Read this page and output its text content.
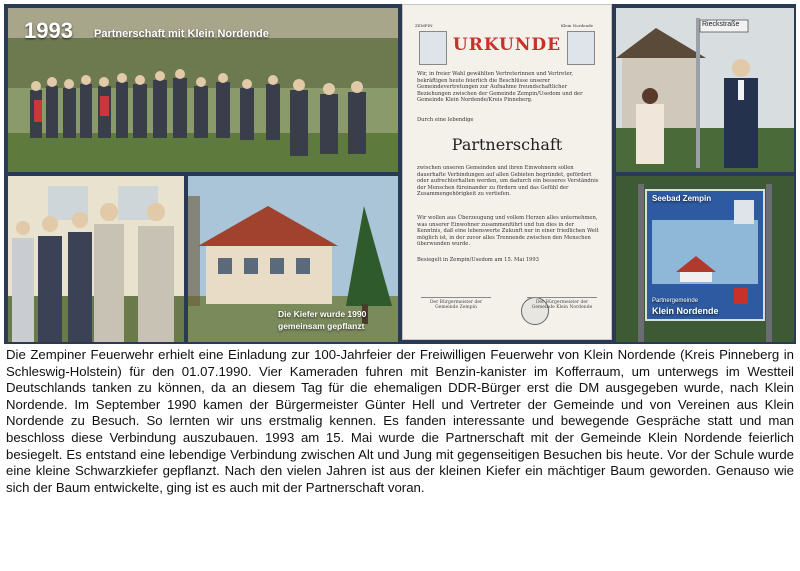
1993 Partnerschaft mit Klein Nordende
Die Kiefer wurde 1990
gemeinsam gepflanzt
ZEMPIN	Klein Nordende
URKUNDE
Wir, in freier Wahl gewählten Vertreterinnen und Vertreter, bekräftigen heute feierlich die Beschlüsse unserer Gemeindevertretungen zur Aufnahme freundschaftlicher Beziehungen zwischen der Gemeinde Zempin/Usedom und der Gemeinde Klein Nordende/Kreis Pinneberg.
Durch eine lebendige
Partnerschaft
zwischen unseren Gemeinden und ihren Einwohnern sollen dauerhafte Verbindungen auf allen Gebieten begründet, gefördert oder aufrechterhalten werden, um dadurch ein besseres Verständnis der Menschen füreinander zu fördern und das Gefühl der Zusammengehörigkeit zu vertiefen.
Wir wollen aus Überzeugung und vollem Herzen alles unternehmen, was unserer Einwohner zusammenführt und tun dies in der Kenntnis, daß eine lebenswerte Zukunft nur in einer friedlichen Welt möglich ist, in der zuvor alles Trennende zwischen den Menschen überwunden wurde.
Besiegelt in Zempin/Usedom am 15. Mai 1993
Der Bürgermeister der Gemeinde Zempin
Der Bürgermeister der Gemeinde Klein Nordende
Rieckstraße
Seebad Zempin
Partnergemeinde
Klein Nordende
Die Zempiner Feuerwehr erhielt eine Einladung zur 100-Jahrfeier der Freiwilligen Feuerwehr von Klein Nordende (Kreis Pinneberg in Schleswig-Holstein) für den 01.07.1990. Vier Kameraden fuhren mit Benzin-kanister im Kofferraum, um unterwegs im Westteil Deutschlands tanken zu können, da an diesem Tag für die ehemaligen DDR-Bürger erst die DM ausgegeben wurde, nach Klein Nordende. Im September 1990 kamen der Bürgermeister Günter Hell und Vertreter der Gemeinde und von Vereinen aus Klein Nordende zu Besuch. So lernten wir uns erstmalig kennen. Es fanden interessante und bewegende Gespräche statt und man beschloss diese Verbindung auszubauen. 1993 am 15. Mai wurde die Partnerschaft mit der Gemeinde Klein Nordende feierlich besiegelt. Es entstand eine lebendige Verbindung zwischen Alt und Jung mit gegenseitigen Besuchen bis heute. Vor der Schule wurde eine kleine Schwarzkiefer gepflanzt. Nach den vielen Jahren ist aus der kleinen Kiefer ein mächtiger Baum geworden. Genauso wie sich der Baum entwickelte, ging ist es auch mit der Partnerschaft voran.
